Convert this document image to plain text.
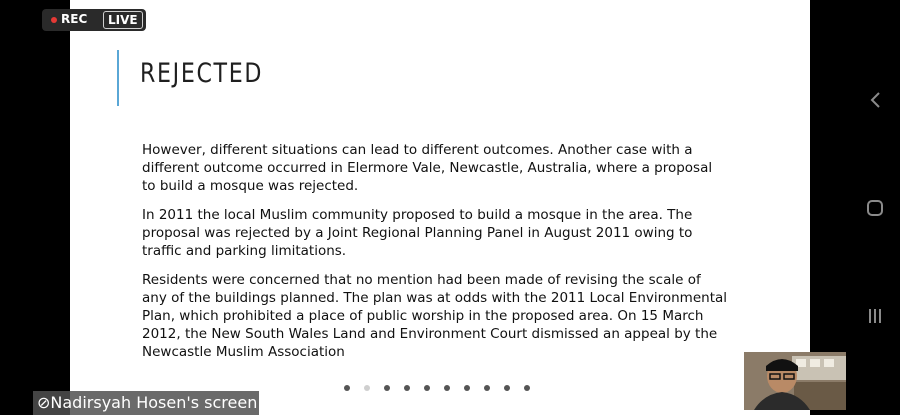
REJECTED

However, different situations can lead to different outcomes. Another case with a different outcome occurred in Elermore Vale, Newcastle, Australia, where a proposal to build a mosque was rejected.

In 2011 the local Muslim community proposed to build a mosque in the area. The proposal was rejected by a Joint Regional Planning Panel in August 2011 owing to traffic and parking limitations.

Residents were concerned that no mention had been made of revising the scale of any of the buildings planned. The plan was at odds with the 2011 Local Environmental Plan, which prohibited a place of public worship in the proposed area. On 15 March 2012, the New South Wales Land and Environment Court dismissed an appeal by the Newcastle Muslim Association

REC	LIVE
⊘Nadirsyah Hosen's screen
